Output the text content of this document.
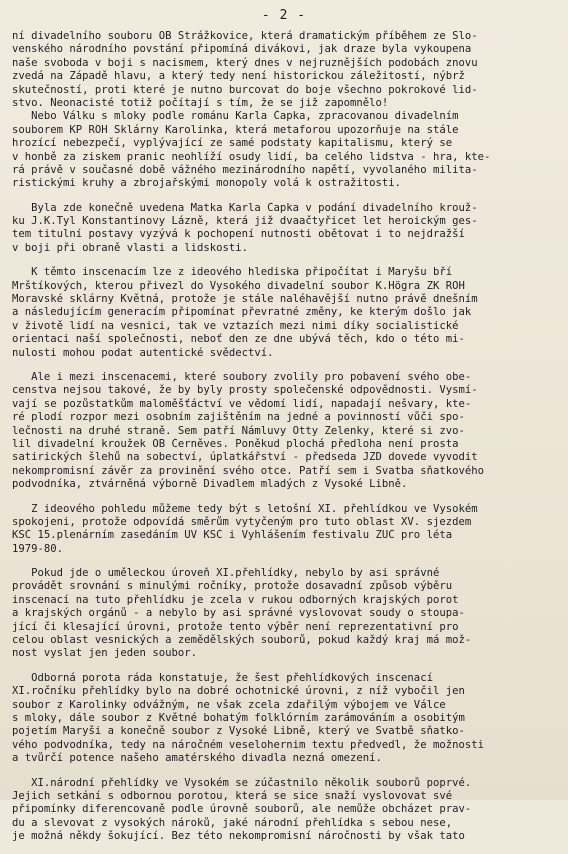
- 2 -
ní divadelního souboru OB Strážkovice, která dramatickým příběhem ze Slo-
venského národního povstání připomíná divákovi, jak draze byla vykoupena
naše svoboda v boji s nacismem, který dnes v nejruznějších podobách znovu
zvedá na Západě hlavu, a který tedy není historickou záležitostí, nýbrž
skutečností, proti které je nutno burcovat do boje všechno pokrokové lid-
stvo. Neonacisté totiž počítají s tím, že se již zapomnělo!
Nebo Válku s mloky podle románu Karla Čapka, zpracovanou divadelním
souborem KP ROH Sklárny Karolinka, která metaforou upozorňuje na stále
hrozící nebezpečí, vyplývající ze samé podstaty kapitalismu, který se
v honbě za ziskem pranic neohlíží osudy lidí, ba celého lidstva - hra, kte-
rá právě v současné době vážného mezinárodního napětí, vyvolaného milita-
ristickými kruhy a zbrojařskými monopoly volá k ostražitosti.
Byla zde konečně uvedena Matka Karla Čapka v podání divadelního krouž-
ku J.K.Tyl Konstantinovy Lázně, která již dvaačtyřicet let heroickým ges-
tem titulní postavy vyzývá k pochopení nutnosti obětovat i to nejdražší
v boji při obraně vlasti a lidskosti.
K těmto inscenacím lze z ideového hlediska připočítat i Maryšu bří
Mrštíkových, kterou přivezl do Vysokého divadelní soubor K.Högra ZK ROH
Moravské sklárny Květná, protože je stále naléhavější nutno právě dnešním
a následujícím generacím připomínat převratné změny, ke kterým došlo jak
v životě lidí na vesnici, tak ve vztazích mezi nimi díky socialistické
orientaci naší společnosti, neboť den ze dne ubývá těch, kdo o této mi-
nulosti mohou podat autentické svědectví.
Ale i mezi inscenacemi, které soubory zvolily pro pobavení svého obe-
censtva nejsou takové, že by byly prosty společenské odpovědnosti. Vysmí-
vají se pozůstatkům maloměšťáctví ve vědomí lidí, napadají nešvary, kte-
ré plodí rozpor mezi osobním zajištěním na jedné a povinností vůči spo-
lečnosti na druhé straně. Sem patří Námluvy Otty Zelenky, které si zvo-
lil divadelní kroužek OB Černěves. Poněkud plochá předloha není prosta
satirických šlehů na sobectví, úplatkářství - předseda JZD dovede vyvodit
nekompromisní závěr za provinění svého otce. Patří sem i Svatba sňatkového
podvodníka, ztvárněná výborně Divadlem mladých z Vysoké Libně.
Z ideového pohledu můžeme tedy být s letošní XI. přehlídkou ve Vysokém
spokojeni, protože odpovídá směrům vytyčeným pro tuto oblast XV. sjezdem
KSČ 15.plenárním zasedáním ÚV KSČ i Vyhlášením festivalu ZUČ pro léta
1979-80.
Pokud jde o uměleckou úroveň XI.přehlídky, nebylo by asi správné
provádět srovnání s minulými ročníky, protože dosavadní způsob výběru
inscenací na tuto přehlídku je zcela v rukou odborných krajských porot
a krajských orgánů - a nebylo by asi správné vyslovovat soudy o stoupa-
jící či klesající úrovni, protože tento výběr není reprezentativní pro
celou oblast vesnických a zemědělských souborů, pokud každý kraj má mož-
nost vyslat jen jeden soubor.
Odborná porota ráda konstatuje, že šest přehlídkových inscenací
XI.ročníku přehlídky bylo na dobré ochotnické úrovni, z níž vybočil jen
soubor z Karolinky odvážným, ne však zcela zdařilým výbojem ve Válce
s mloky, dále soubor z Květné bohatým folklórním zarámováním a osobitým
pojetím Maryši a konečně soubor z Vysoké Libně, který ve Svatbě sňatko-
vého podvodníka, tedy na náročném veselohernim textu předvedl, že možnosti
a tvůrčí potence našeho amatérského divadla nezná omezení.
XI.národní přehlídky ve Vysokém se zúčastnilo několik souborů poprvé.
Jejich setkání s odbornou porotou, která se sice snaží vyslovovat své
připomínky diferencovaně podle úrovně souborů, ale nemůže obcházet prav-
du a slevovat z vysokých nároků, jaké národní přehlídka s sebou nese,
je možná někdy šokující. Bez této nekompromisní náročnosti by však tato
